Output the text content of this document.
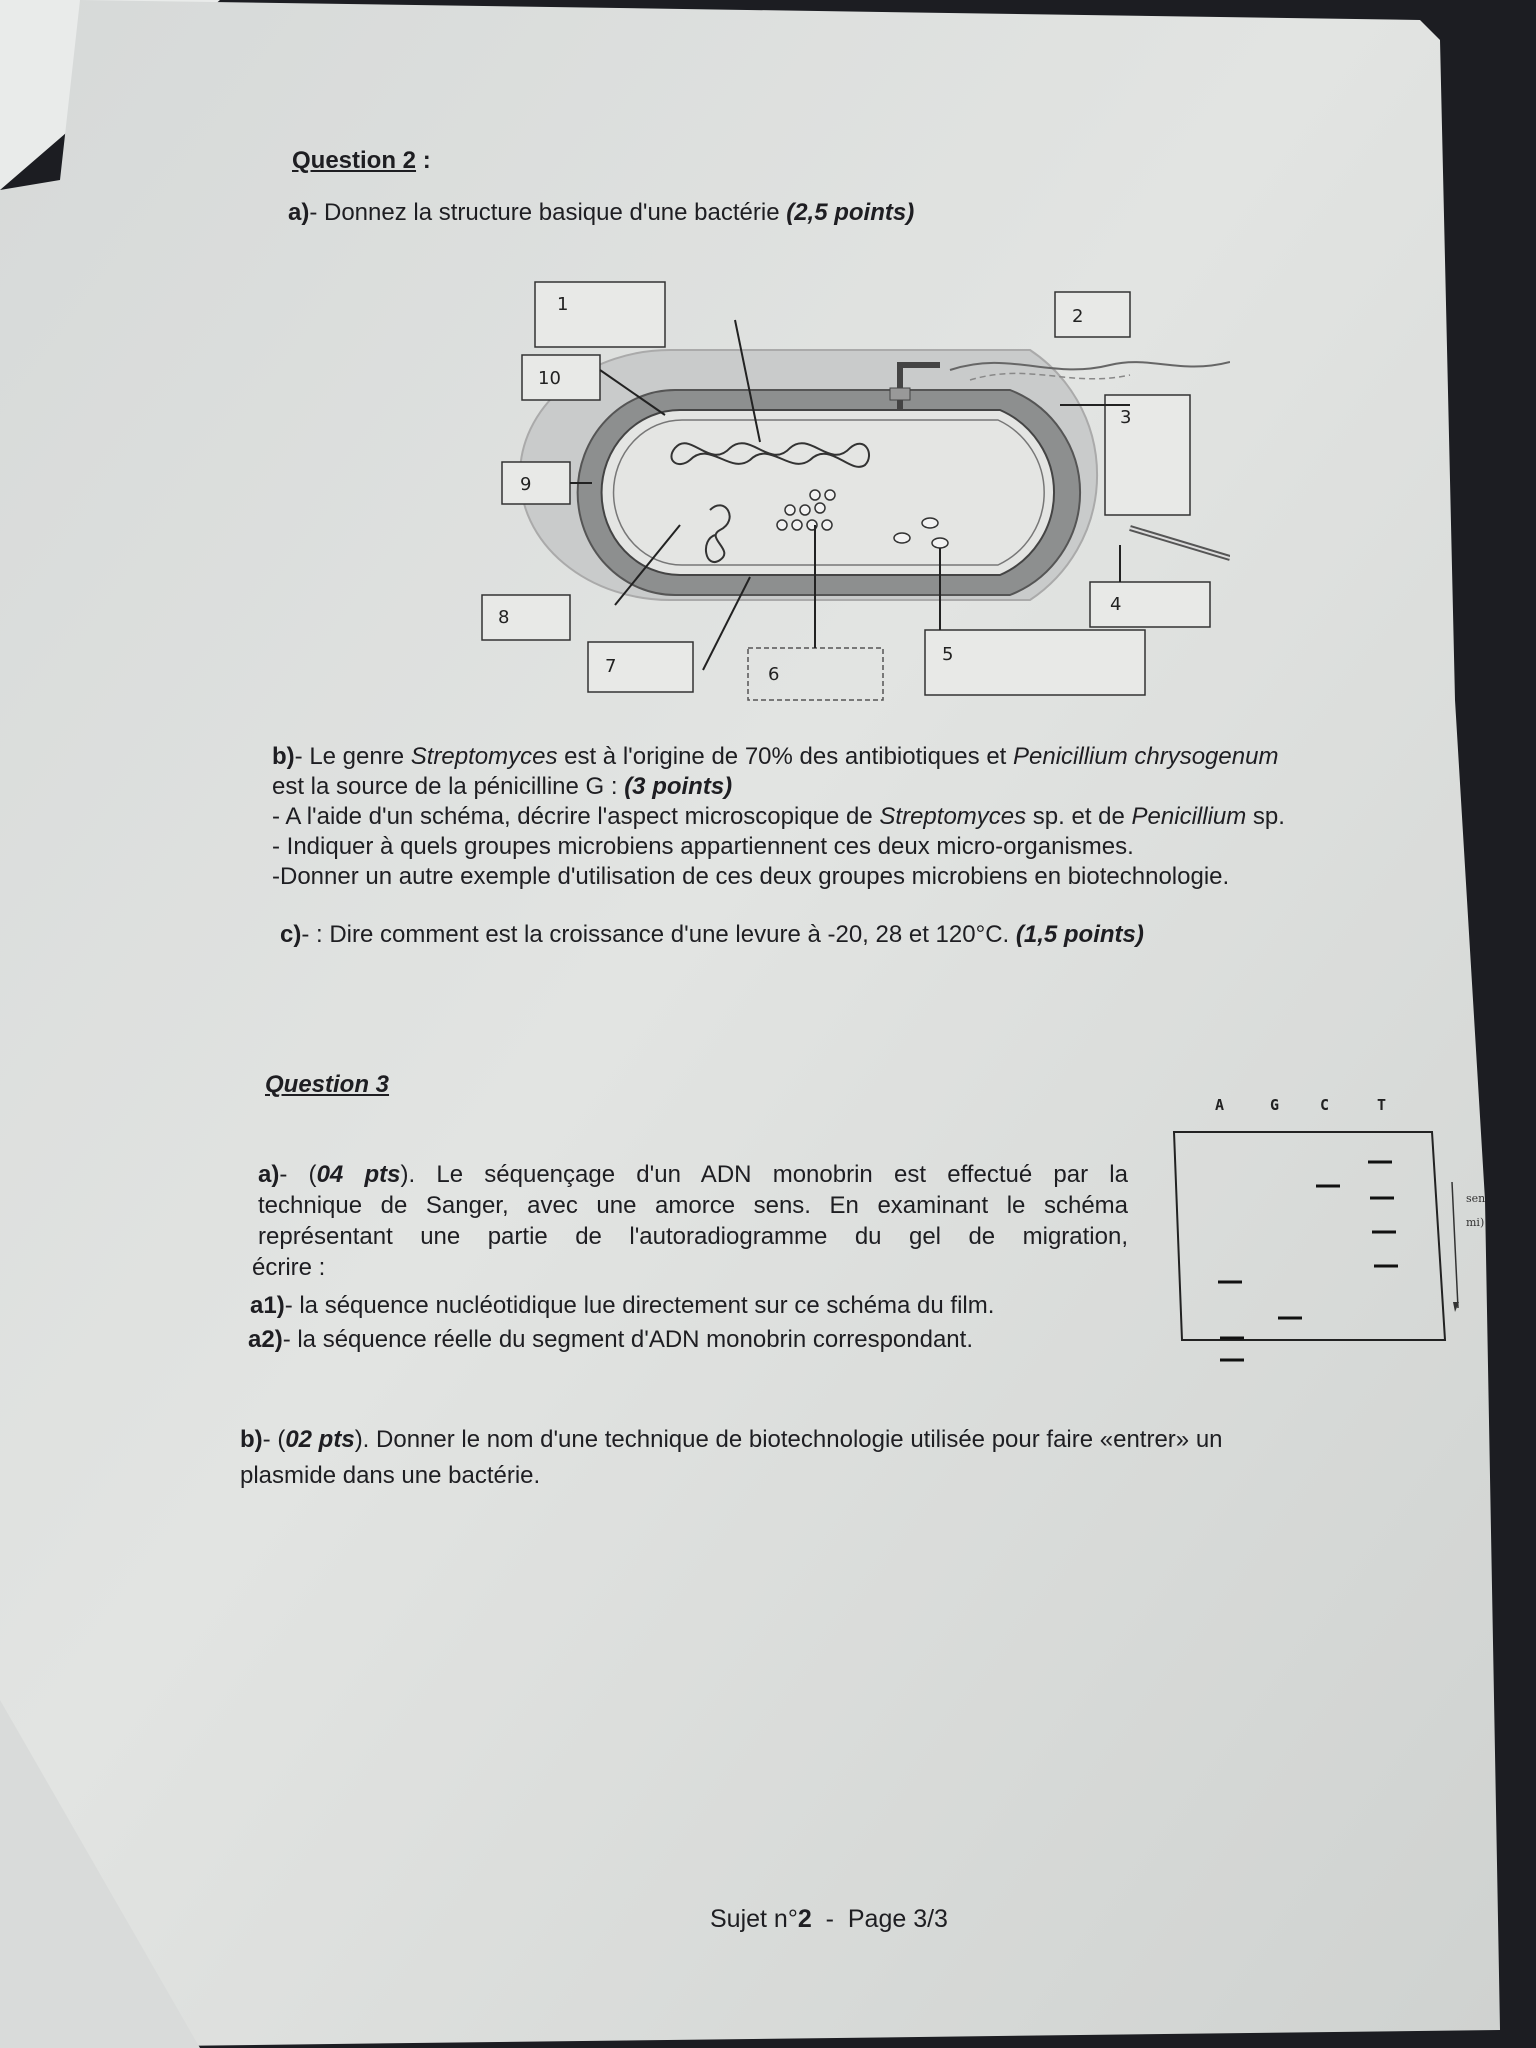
Question 2 :
a)- Donnez la structure basique d'une bactérie (2,5 points)
1
2
3
4
5
6
7
8
9
10
b)- Le genre Streptomyces est à l'origine de 70% des antibiotiques et Penicillium chrysogenum
est la source de la pénicilline G : (3 points)
- A l'aide d'un schéma, décrire l'aspect microscopique de Streptomyces sp. et de Penicillium sp.
- Indiquer à quels groupes microbiens appartiennent ces deux micro-organismes.
-Donner un autre exemple d'utilisation de ces deux groupes microbiens en biotechnologie.
c)- : Dire comment est la croissance d'une levure à -20, 28 et 120°C. (1,5 points)
Question 3
a)- (04 pts). Le séquençage d'un ADN monobrin est effectué par la
technique de Sanger, avec une amorce sens. En examinant le schéma
représentant une partie de l'autoradiogramme du gel de migration,
écrire :
a1)- la séquence nucléotidique lue directement sur ce schéma du film.
a2)- la séquence réelle du segment d'ADN monobrin correspondant.
A	G	C	T
sen
mi)
b)- (02 pts). Donner le nom d'une technique de biotechnologie utilisée pour faire «entrer» un
plasmide dans une bactérie.
Sujet n°2  -  Page 3/3
